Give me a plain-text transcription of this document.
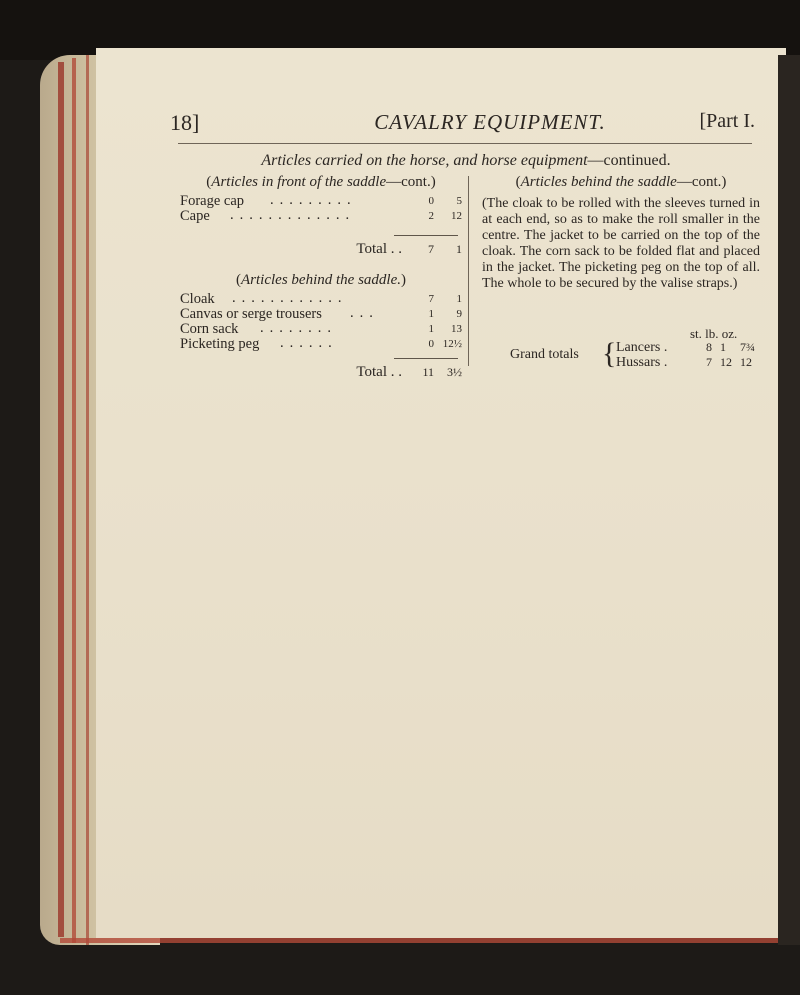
18]	CAVALRY EQUIPMENT.	[Part I.
Articles carried on the horse, and horse equipment—continued.

(Articles in front of the saddle—cont.)

Forage cap .........	0	5
Cape .............	2	12
Total . .	7	1

(Articles behind the saddle.)

Cloak ............	7	1
Canvas or serge trousers ...	1	9
Corn sack ........	1	13
Picketing peg ......	0 12½
Total . .	11	3½

(Articles behind the saddle—cont.)

(The cloak to be rolled with the sleeves turned in at each end, so as to make the roll smaller in the centre. The jacket to be carried on the top of the cloak. The corn sack to be folded flat and placed in the jacket. The picketing peg on the top of all. The whole to be secured by the valise straps.)

st. lb. oz.
Grand totals { Lancers .	8 1 7¾
Hussars .	7 12 12
